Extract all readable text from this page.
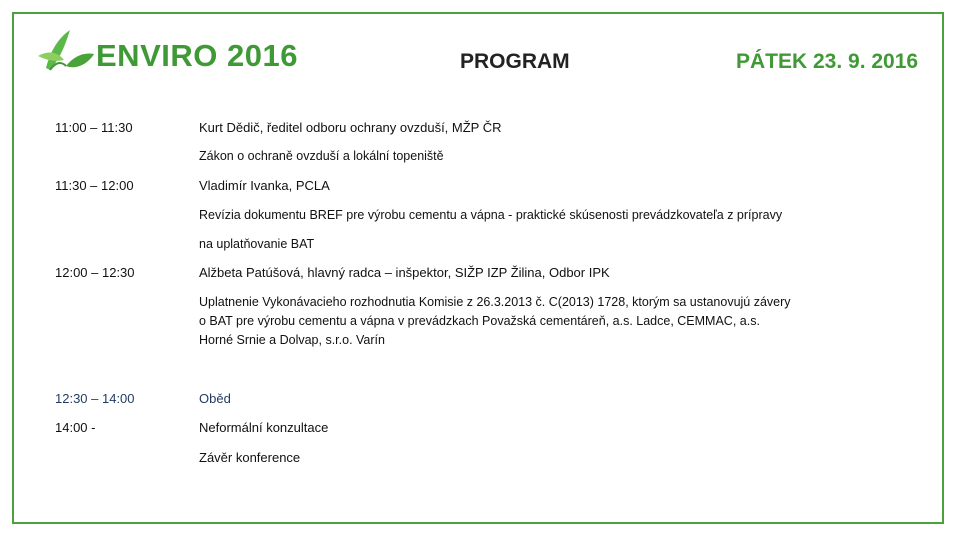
ENVIRO 2016	PROGRAM	PÁTEK 23. 9. 2016
11:00 – 11:30	Kurt Dědič, ředitel odboru ochrany ovzduší, MŽP ČR
Zákon o ochraně ovzduší a lokální topeniště
11:30 – 12:00	Vladimír Ivanka, PCLA
Revízia dokumentu BREF pre výrobu cementu a vápna - praktické skúsenosti prevádzkovateľa z prípravy
na uplatňovanie BAT
12:00 – 12:30	Alžbeta Patúšová, hlavný radca – inšpektor, SIŽP IZP Žilina, Odbor IPK
Uplatnenie Vykonávacieho rozhodnutia Komisie z 26.3.2013 č. C(2013) 1728, ktorým sa ustanovujú závery
o BAT pre výrobu cementu a vápna v prevádzkach Považská cementáreň, a.s. Ladce, CEMMAC, a.s.
Horné Srnie a Dolvap, s.r.o. Varín
12:30 – 14:00	Oběd
14:00 -	Neformální konzultace
Závěr konference
